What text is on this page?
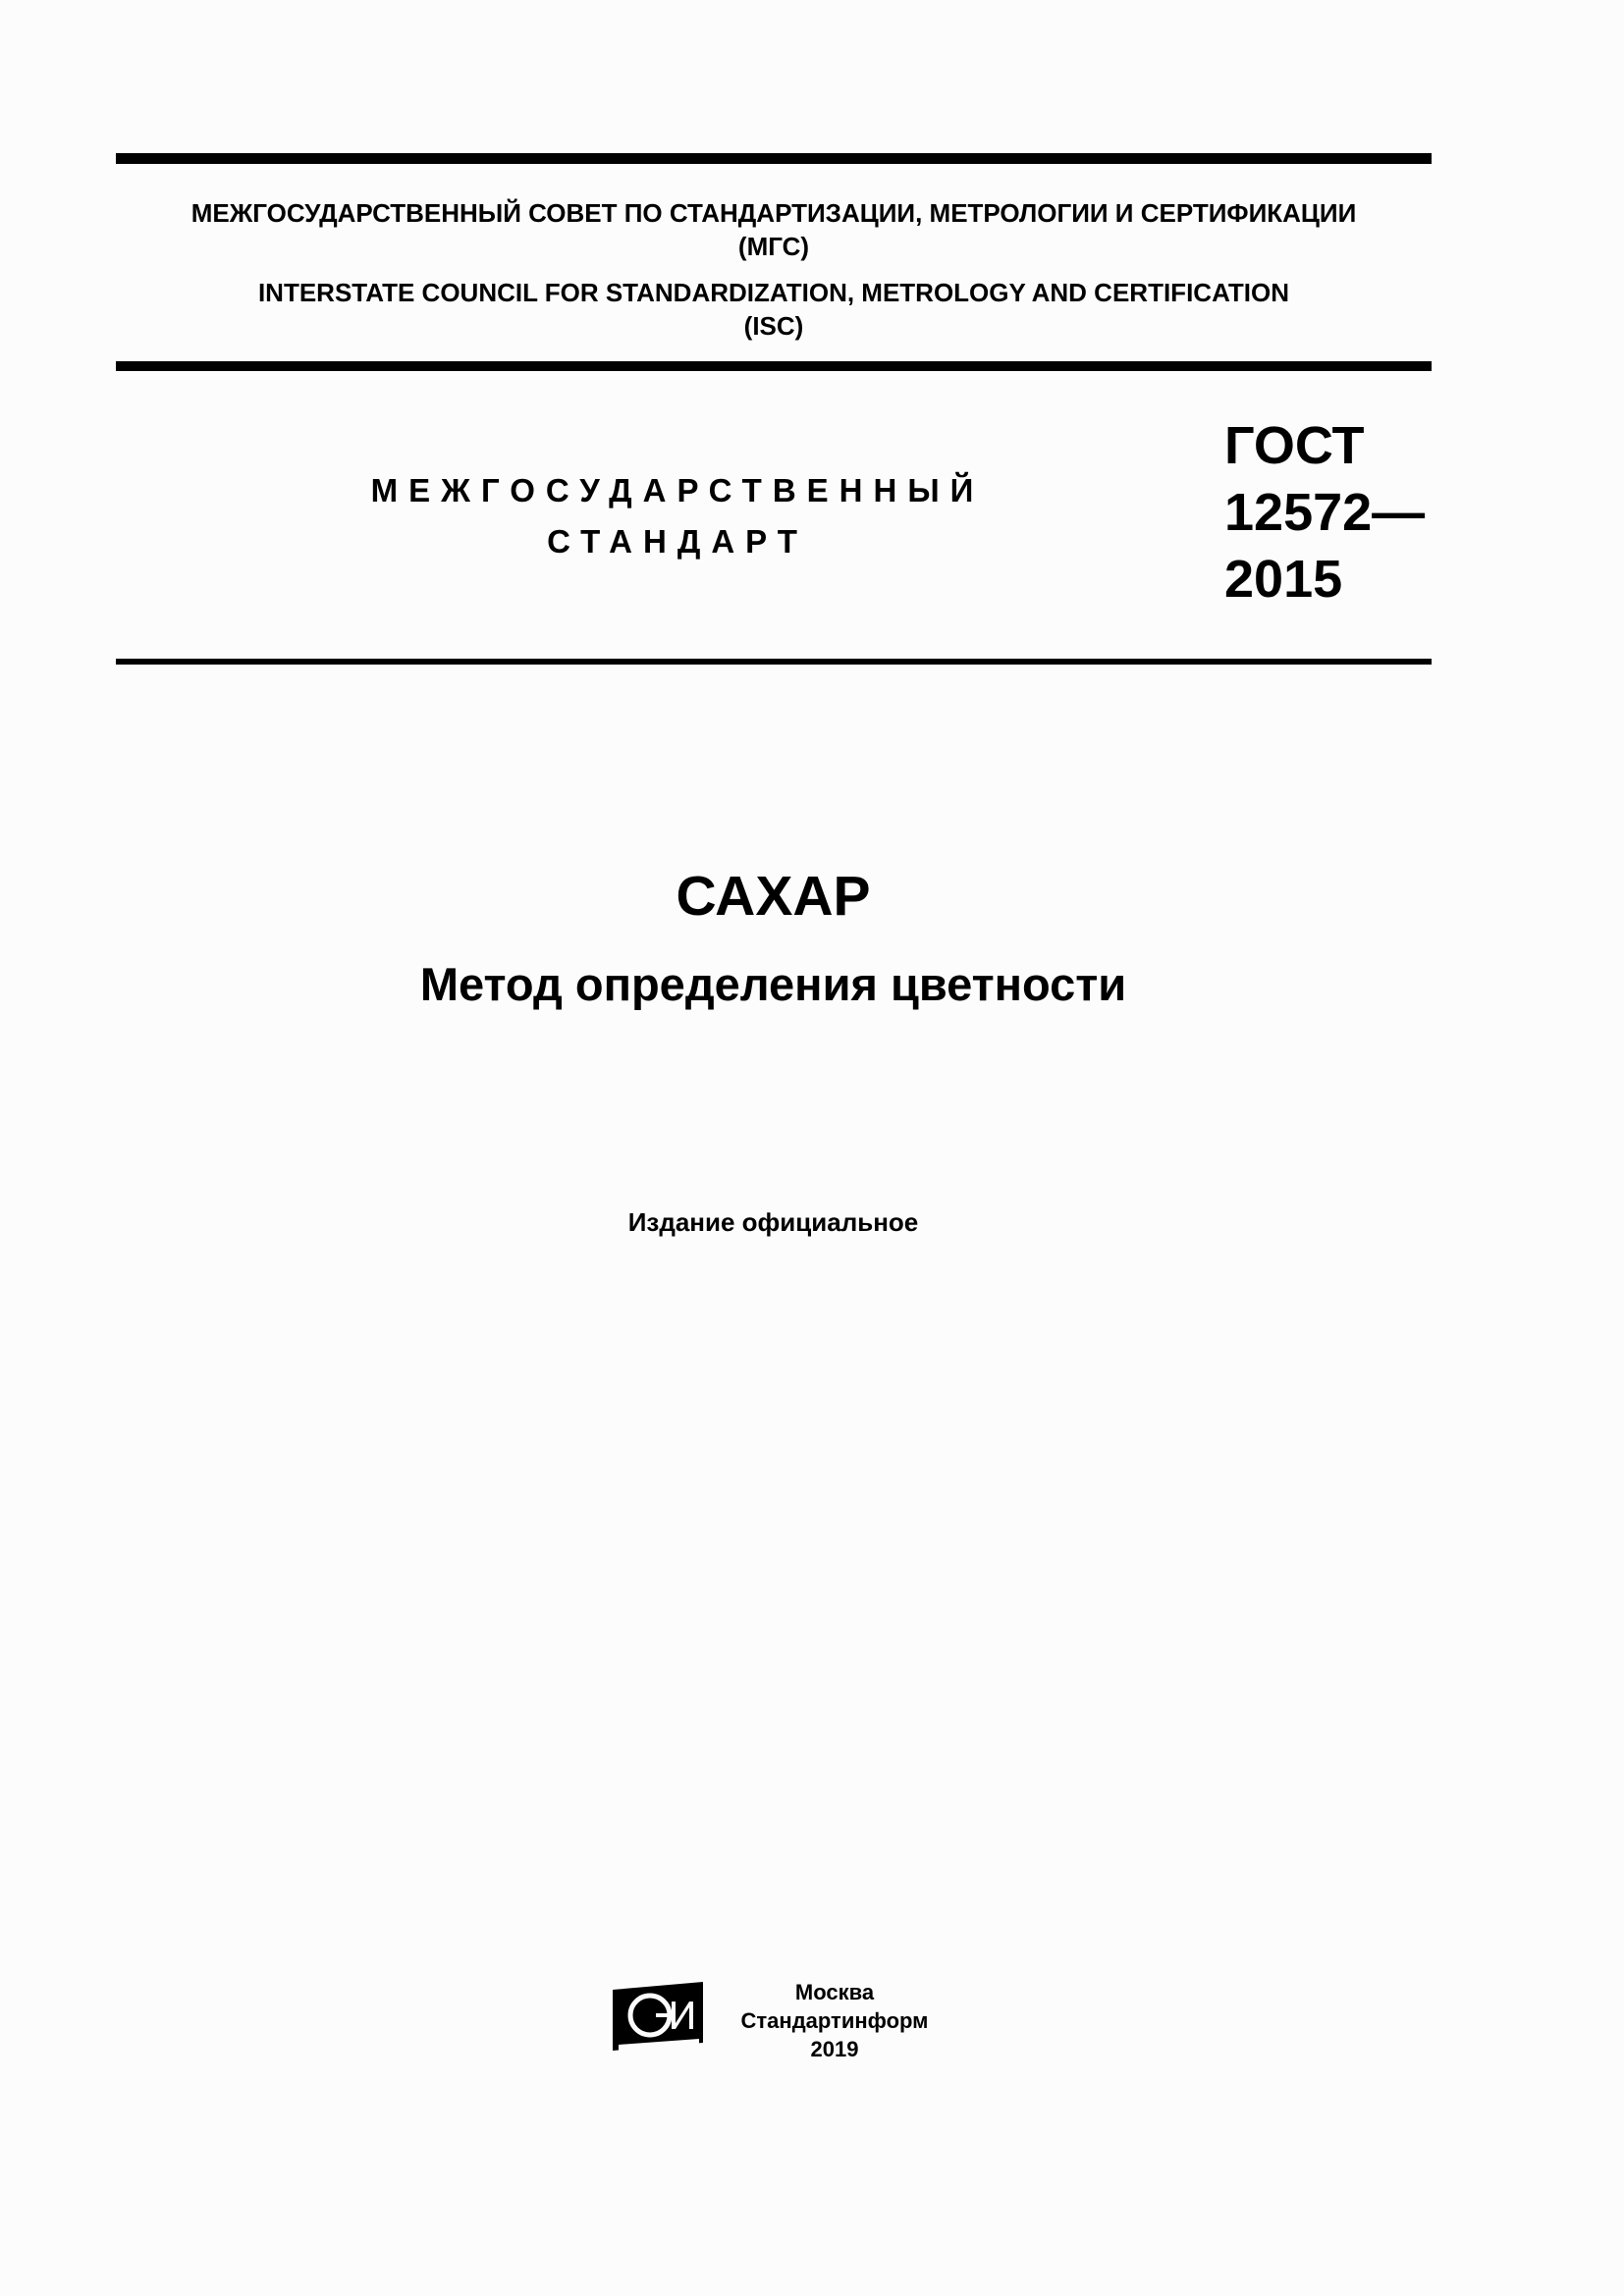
МЕЖГОСУДАРСТВЕННЫЙ СОВЕТ ПО СТАНДАРТИЗАЦИИ, МЕТРОЛОГИИ И СЕРТИФИКАЦИИ
(МГС)
INTERSTATE COUNCIL FOR STANDARDIZATION, METROLOGY AND CERTIFICATION
(ISC)
МЕЖГОСУДАРСТВЕННЫЙ
СТАНДАРТ
ГОСТ
12572—
2015
САХАР
Метод определения цветности
Издание официальное
Москва
Стандартинформ
2019
